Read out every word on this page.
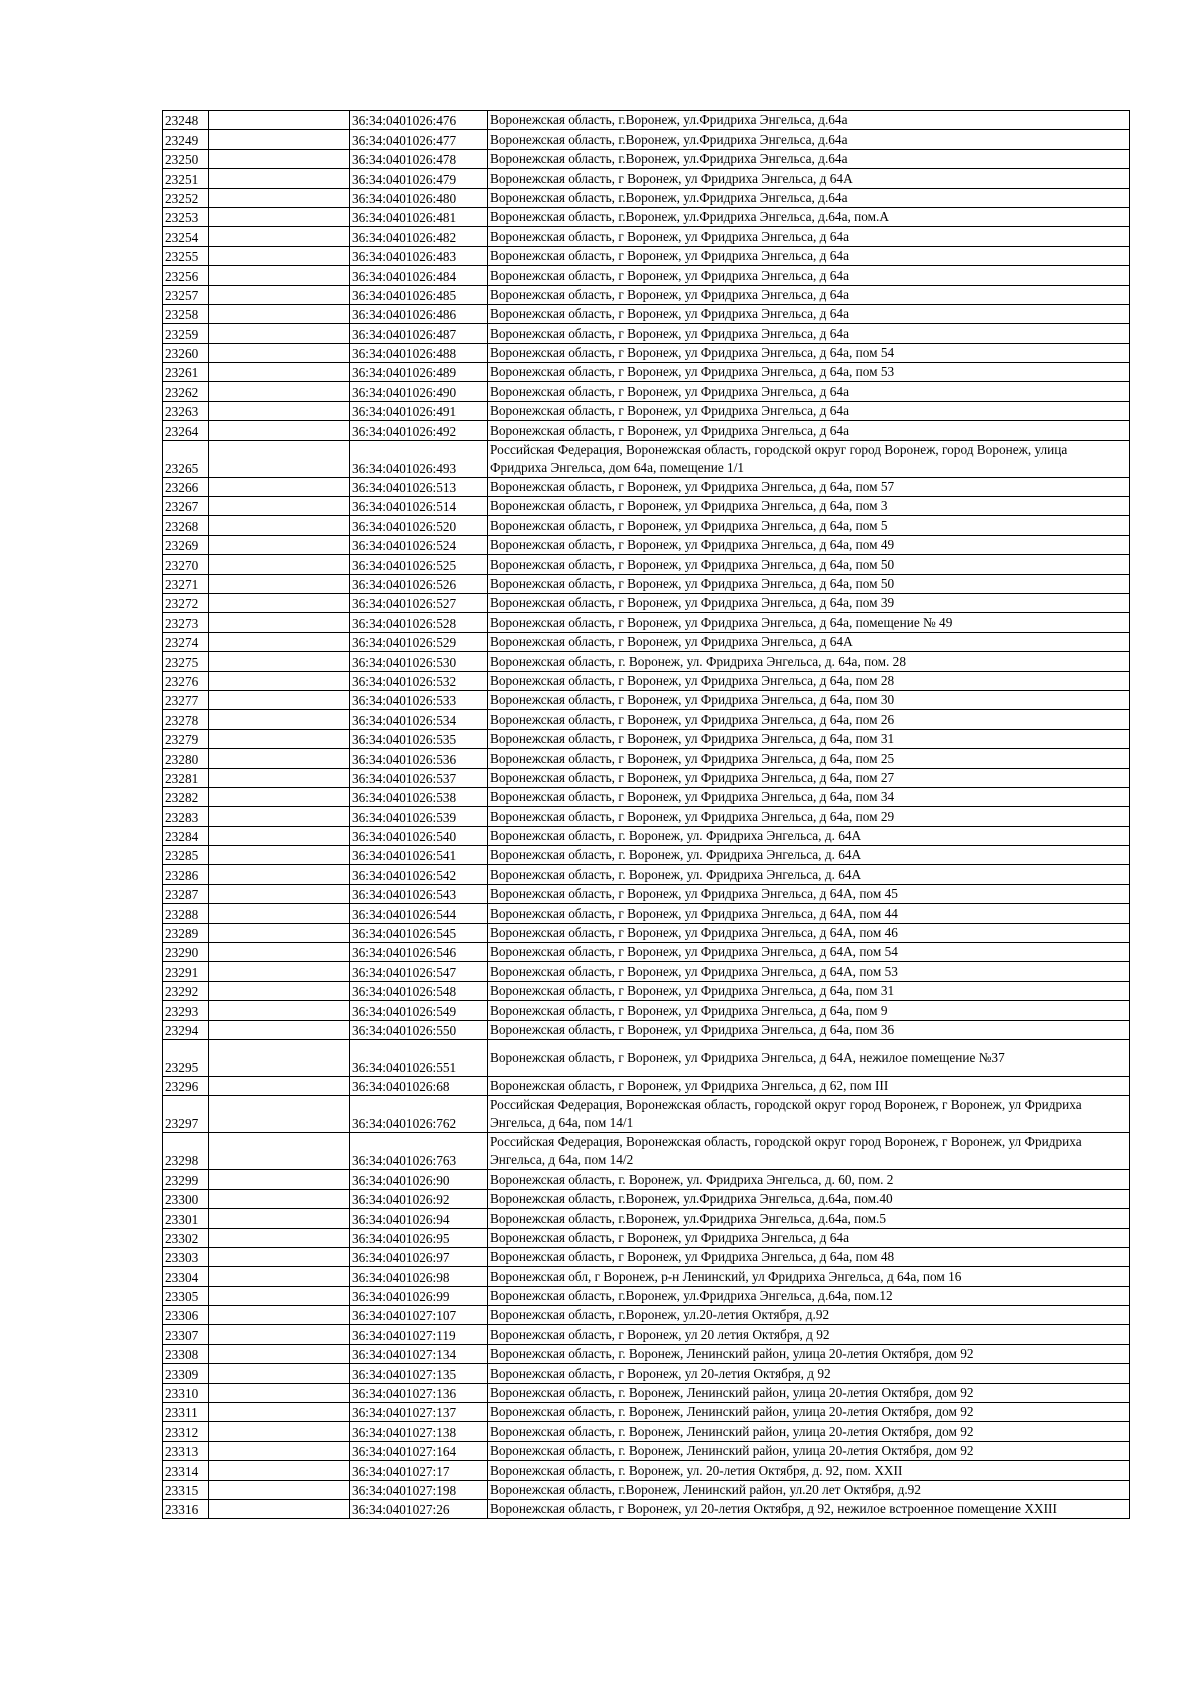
23248		36:34:0401026:476	Воронежская область, г.Воронеж, ул.Фридриха Энгельса, д.64а
23249		36:34:0401026:477	Воронежская область, г.Воронеж, ул.Фридриха Энгельса, д.64а
23250		36:34:0401026:478	Воронежская область, г.Воронеж, ул.Фридриха Энгельса, д.64а
23251		36:34:0401026:479	Воронежская область, г Воронеж, ул Фридриха Энгельса, д 64А
23252		36:34:0401026:480	Воронежская область, г.Воронеж, ул.Фридриха Энгельса, д.64а
23253		36:34:0401026:481	Воронежская область, г.Воронеж, ул.Фридриха Энгельса, д.64а, пом.А
23254		36:34:0401026:482	Воронежская область, г Воронеж, ул Фридриха Энгельса, д 64а
23255		36:34:0401026:483	Воронежская область, г Воронеж, ул Фридриха Энгельса, д 64а
23256		36:34:0401026:484	Воронежская область, г Воронеж, ул Фридриха Энгельса, д 64а
23257		36:34:0401026:485	Воронежская область, г Воронеж, ул Фридриха Энгельса, д 64а
23258		36:34:0401026:486	Воронежская область, г Воронеж, ул Фридриха Энгельса, д 64а
23259		36:34:0401026:487	Воронежская область, г Воронеж, ул Фридриха Энгельса, д 64а
23260		36:34:0401026:488	Воронежская область, г Воронеж, ул Фридриха Энгельса, д 64а, пом 54
23261		36:34:0401026:489	Воронежская область, г Воронеж, ул Фридриха Энгельса, д 64а, пом 53
23262		36:34:0401026:490	Воронежская область, г Воронеж, ул Фридриха Энгельса, д 64а
23263		36:34:0401026:491	Воронежская область, г Воронеж, ул Фридриха Энгельса, д 64а
23264		36:34:0401026:492	Воронежская область, г Воронеж, ул Фридриха Энгельса, д 64а
23265		36:34:0401026:493	Российская Федерация, Воронежская область, городской округ город Воронеж, город Воронеж, улица Фридриха Энгельса, дом 64а, помещение 1/1
23266		36:34:0401026:513	Воронежская область, г Воронеж, ул Фридриха Энгельса, д 64а, пом 57
23267		36:34:0401026:514	Воронежская область, г Воронеж, ул Фридриха Энгельса, д 64а, пом 3
23268		36:34:0401026:520	Воронежская область, г Воронеж, ул Фридриха Энгельса, д 64а, пом 5
23269		36:34:0401026:524	Воронежская область, г Воронеж, ул Фридриха Энгельса, д 64а, пом 49
23270		36:34:0401026:525	Воронежская область, г Воронеж, ул Фридриха Энгельса, д 64а, пом 50
23271		36:34:0401026:526	Воронежская область, г Воронеж, ул Фридриха Энгельса, д 64а, пом 50
23272		36:34:0401026:527	Воронежская область, г Воронеж, ул Фридриха Энгельса, д 64а, пом 39
23273		36:34:0401026:528	Воронежская область, г Воронеж, ул Фридриха Энгельса, д 64а, помещение № 49
23274		36:34:0401026:529	Воронежская область, г Воронеж, ул Фридриха Энгельса, д 64А
23275		36:34:0401026:530	Воронежская область, г. Воронеж, ул. Фридриха Энгельса, д. 64а, пом. 28
23276		36:34:0401026:532	Воронежская область, г Воронеж, ул Фридриха Энгельса, д 64а, пом 28
23277		36:34:0401026:533	Воронежская область, г Воронеж, ул Фридриха Энгельса, д 64а, пом 30
23278		36:34:0401026:534	Воронежская область, г Воронеж, ул Фридриха Энгельса, д 64а, пом 26
23279		36:34:0401026:535	Воронежская область, г Воронеж, ул Фридриха Энгельса, д 64а, пом 31
23280		36:34:0401026:536	Воронежская область, г Воронеж, ул Фридриха Энгельса, д 64а, пом 25
23281		36:34:0401026:537	Воронежская область, г Воронеж, ул Фридриха Энгельса, д 64а, пом 27
23282		36:34:0401026:538	Воронежская область, г Воронеж, ул Фридриха Энгельса, д 64а, пом 34
23283		36:34:0401026:539	Воронежская область, г Воронеж, ул Фридриха Энгельса, д 64а, пом 29
23284		36:34:0401026:540	Воронежская область, г. Воронеж, ул. Фридриха Энгельса, д. 64А
23285		36:34:0401026:541	Воронежская область, г. Воронеж, ул. Фридриха Энгельса, д. 64А
23286		36:34:0401026:542	Воронежская область, г. Воронеж, ул. Фридриха Энгельса, д. 64А
23287		36:34:0401026:543	Воронежская область, г Воронеж, ул Фридриха Энгельса, д 64А, пом 45
23288		36:34:0401026:544	Воронежская область, г Воронеж, ул Фридриха Энгельса, д 64А, пом 44
23289		36:34:0401026:545	Воронежская область, г Воронеж, ул Фридриха Энгельса, д 64А, пом 46
23290		36:34:0401026:546	Воронежская область, г Воронеж, ул Фридриха Энгельса, д 64А, пом 54
23291		36:34:0401026:547	Воронежская область, г Воронеж, ул Фридриха Энгельса, д 64А, пом 53
23292		36:34:0401026:548	Воронежская область, г Воронеж, ул Фридриха Энгельса, д 64а, пом 31
23293		36:34:0401026:549	Воронежская область, г Воронеж, ул Фридриха Энгельса, д 64а, пом 9
23294		36:34:0401026:550	Воронежская область, г Воронеж, ул Фридриха Энгельса, д 64а, пом 36
23295		36:34:0401026:551	Воронежская область, г Воронеж, ул Фридриха Энгельса, д 64А, нежилое помещение №37
23296		36:34:0401026:68	Воронежская область, г Воронеж, ул Фридриха Энгельса, д 62, пом III
23297		36:34:0401026:762	Российская Федерация, Воронежская область, городской округ город Воронеж, г Воронеж, ул Фридриха Энгельса, д 64а, пом 14/1
23298		36:34:0401026:763	Российская Федерация, Воронежская область, городской округ город Воронеж, г Воронеж, ул Фридриха Энгельса, д 64а, пом 14/2
23299		36:34:0401026:90	Воронежская область, г. Воронеж, ул. Фридриха Энгельса, д. 60, пом. 2
23300		36:34:0401026:92	Воронежская область, г.Воронеж, ул.Фридриха Энгельса, д.64а, пом.40
23301		36:34:0401026:94	Воронежская область, г.Воронеж, ул.Фридриха Энгельса, д.64а, пом.5
23302		36:34:0401026:95	Воронежская область, г Воронеж, ул Фридриха Энгельса, д 64а
23303		36:34:0401026:97	Воронежская область, г Воронеж, ул Фридриха Энгельса, д 64а, пом 48
23304		36:34:0401026:98	Воронежская обл, г Воронеж, р-н Ленинский, ул Фридриха Энгельса, д 64а, пом 16
23305		36:34:0401026:99	Воронежская область, г.Воронеж, ул.Фридриха Энгельса, д.64а, пом.12
23306		36:34:0401027:107	Воронежская область, г.Воронеж, ул.20-летия Октября, д.92
23307		36:34:0401027:119	Воронежская область, г Воронеж, ул 20 летия Октября, д 92
23308		36:34:0401027:134	Воронежская область, г. Воронеж, Ленинский район, улица 20-летия Октября, дом 92
23309		36:34:0401027:135	Воронежская область, г Воронеж, ул 20-летия Октября, д 92
23310		36:34:0401027:136	Воронежская область, г. Воронеж, Ленинский район, улица 20-летия Октября, дом 92
23311		36:34:0401027:137	Воронежская область, г. Воронеж, Ленинский район, улица 20-летия Октября, дом 92
23312		36:34:0401027:138	Воронежская область, г. Воронеж, Ленинский район, улица 20-летия Октября, дом 92
23313		36:34:0401027:164	Воронежская область, г. Воронеж, Ленинский район, улица 20-летия Октября, дом 92
23314		36:34:0401027:17	Воронежская область, г. Воронеж, ул. 20-летия Октября, д. 92, пом. XXII
23315		36:34:0401027:198	Воронежская область, г.Воронеж, Ленинский район, ул.20 лет Октября, д.92
23316		36:34:0401027:26	Воронежская область, г Воронеж, ул 20-летия Октября, д 92, нежилое встроенное помещение XXIII
